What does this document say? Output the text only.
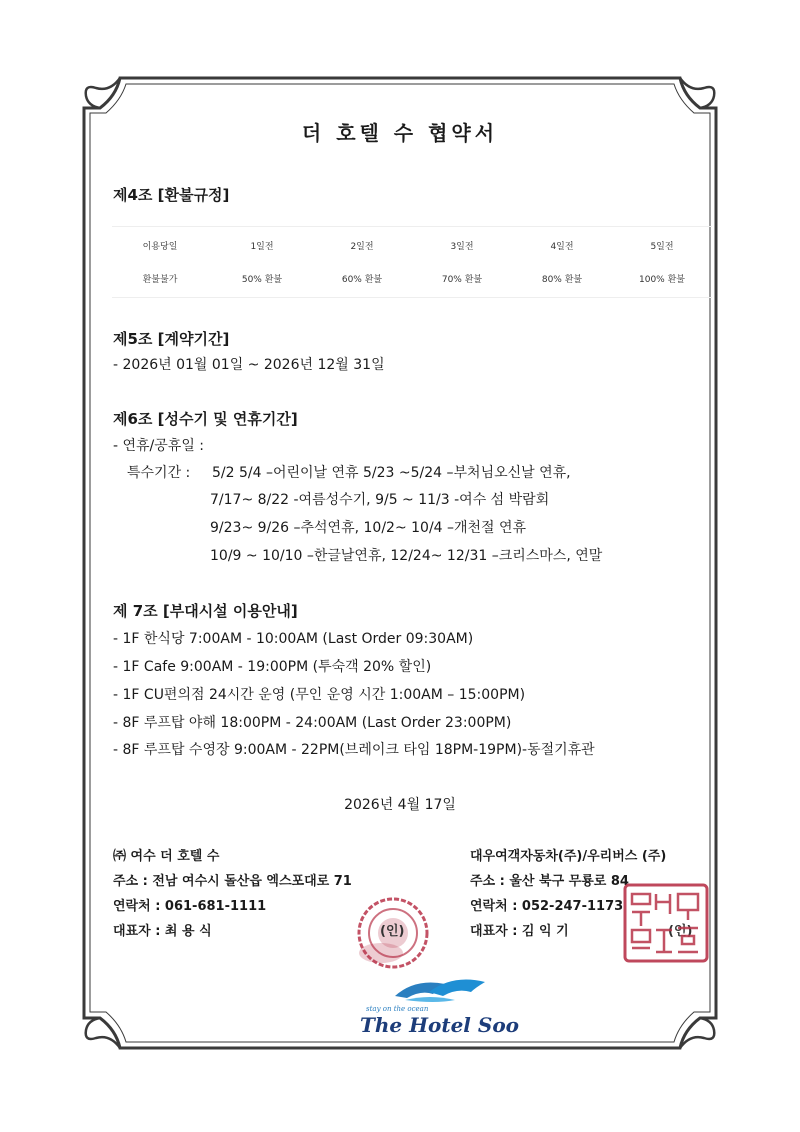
더 호텔 수 협약서
제4조 [환불규정]
이용당일	1일전	2일전	3일전	4일전	5일전
환불불가	50% 환불	60% 환불	70% 환불	80% 환불	100% 환불
제5조 [계약기간]
- 2026년 01월 01일 ~ 2026년 12월 31일
제6조 [성수기 및 연휴기간]
- 연휴/공휴일 :
특수기간 : 5/2 5/4 –어린이날 연휴 5/23 ~5/24 –부처님오신날 연휴,
7/17~ 8/22 -여름성수기, 9/5 ~ 11/3 -여수 섬 박람회
9/23~ 9/26 –추석연휴, 10/2~ 10/4 –개천절 연휴
10/9 ~ 10/10 –한글날연휴, 12/24~ 12/31 –크리스마스, 연말
제 7조 [부대시설 이용안내]
- 1F 한식당 7:00AM - 10:00AM (Last Order 09:30AM)
- 1F Cafe 9:00AM - 19:00PM (투숙객 20% 할인)
- 1F CU편의점 24시간 운영 (무인 운영 시간 1:00AM – 15:00PM)
- 8F 루프탑 야해 18:00PM - 24:00AM (Last Order 23:00PM)
- 8F 루프탑 수영장 9:00AM - 22PM(브레이크 타임 18PM-19PM)-동절기휴관
2026년 4월 17일
㈜ 여수 더 호텔 수
주소 : 전남 여수시 돌산읍 엑스포대로 71
연락처 : 061-681-1111
대표자 : 최 용 식	(인)
대우여객자동차(주)/우리버스 (주)
주소 : 울산 북구 무룡로 84
연락처 : 052-247-1173
대표자 : 김 익 기	(인)
stay on the ocean
The Hotel Soo
